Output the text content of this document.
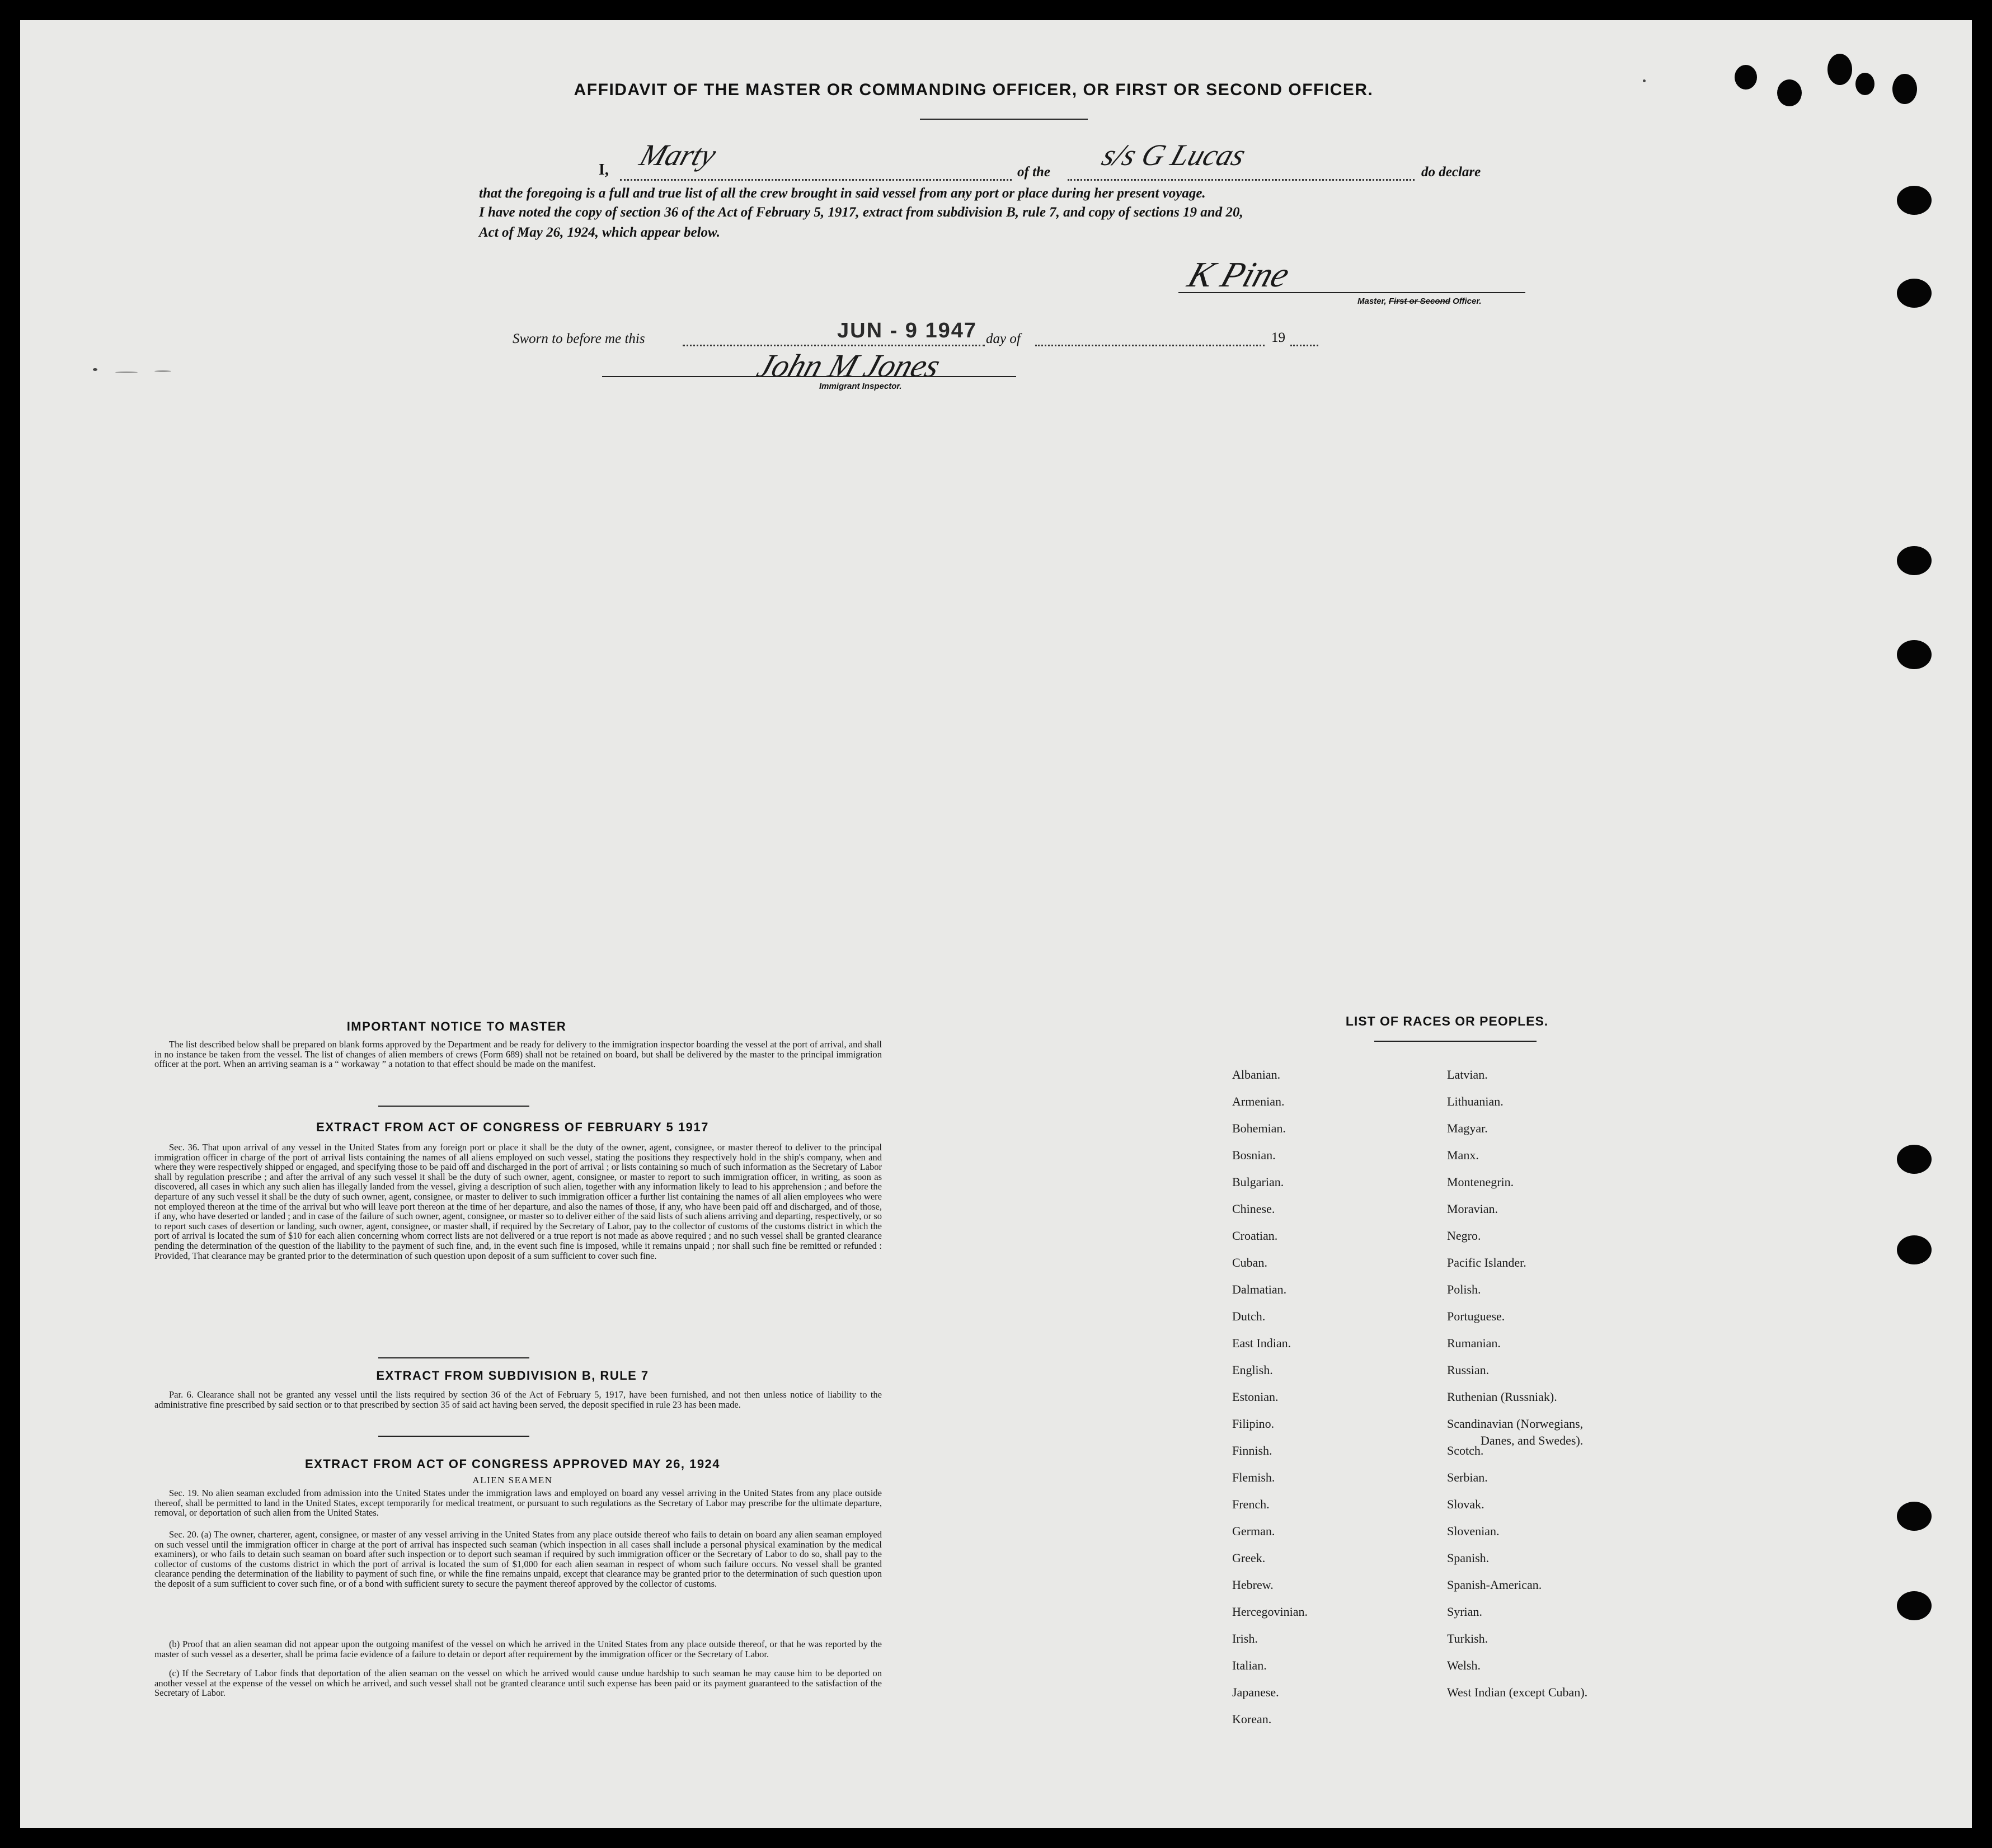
AFFIDAVIT OF THE MASTER OR COMMANDING OFFICER, OR FIRST OR SECOND OFFICER.
I, Marty
of the
s/s G Lucas
do declare
that the foregoing is a full and true list of all the crew brought in said vessel from any port or place during her present voyage.
I have noted the copy of section 36 of the Act of February 5, 1917, extract from subdivision B, rule 7, and copy of sections 19 and 20,
Act of May 26, 1924, which appear below.
K Pine
Master, First or Second Officer.
Sworn to before me this	JUN - 9 1947 day of	19
John M Jones
Immigrant Inspector.
IMPORTANT NOTICE TO MASTER
The list described below shall be prepared on blank forms approved by the Department and be ready for delivery to the immigration inspector boarding the vessel at the port of arrival, and shall in no instance be taken from the vessel. The list of changes of alien members of crews (Form 689) shall not be retained on board, but shall be delivered by the master to the principal immigration officer at the port. When an arriving seaman is a “ workaway ” a notation to that effect should be made on the manifest.
EXTRACT FROM ACT OF CONGRESS OF FEBRUARY 5 1917
Sec. 36. That upon arrival of any vessel in the United States from any foreign port or place it shall be the duty of the owner, agent, consignee, or master thereof to deliver to the principal immigration officer in charge of the port of arrival lists containing the names of all aliens employed on such vessel, stating the positions they respectively hold in the ship's company, when and where they were respectively shipped or engaged, and specifying those to be paid off and discharged in the port of arrival ; or lists containing so much of such information as the Secretary of Labor shall by regulation prescribe ; and after the arrival of any such vessel it shall be the duty of such owner, agent, consignee, or master to report to such immigration officer, in writing, as soon as discovered, all cases in which any such alien has illegally landed from the vessel, giving a description of such alien, together with any information likely to lead to his apprehension ; and before the departure of any such vessel it shall be the duty of such owner, agent, consignee, or master to deliver to such immigration officer a further list containing the names of all alien employees who were not employed thereon at the time of the arrival but who will leave port thereon at the time of her departure, and also the names of those, if any, who have been paid off and discharged, and of those, if any, who have deserted or landed ; and in case of the failure of such owner, agent, consignee, or master so to deliver either of the said lists of such aliens arriving and departing, respectively, or so to report such cases of desertion or landing, such owner, agent, consignee, or master shall, if required by the Secretary of Labor, pay to the collector of customs of the customs district in which the port of arrival is located the sum of $10 for each alien concerning whom correct lists are not delivered or a true report is not made as above required ; and no such vessel shall be granted clearance pending the determination of the question of the liability to the payment of such fine, and, in the event such fine is imposed, while it remains unpaid ; nor shall such fine be remitted or refunded : Provided, That clearance may be granted prior to the determination of such question upon deposit of a sum sufficient to cover such fine.
EXTRACT FROM SUBDIVISION B, RULE 7
Par. 6. Clearance shall not be granted any vessel until the lists required by section 36 of the Act of February 5, 1917, have been furnished, and not then unless notice of liability to the administrative fine prescribed by said section or to that prescribed by section 35 of said act having been served, the deposit specified in rule 23 has been made.
EXTRACT FROM ACT OF CONGRESS APPROVED MAY 26, 1924
ALIEN SEAMEN
Sec. 19. No alien seaman excluded from admission into the United States under the immigration laws and employed on board any vessel arriving in the United States from any place outside thereof, shall be permitted to land in the United States, except temporarily for medical treatment, or pursuant to such regulations as the Secretary of Labor may prescribe for the ultimate departure, removal, or deportation of such alien from the United States.
Sec. 20. (a) The owner, charterer, agent, consignee, or master of any vessel arriving in the United States from any place outside thereof who fails to detain on board any alien seaman employed on such vessel until the immigration officer in charge at the port of arrival has inspected such seaman (which inspection in all cases shall include a personal physical examination by the medical examiners), or who fails to detain such seaman on board after such inspection or to deport such seaman if required by such immigration officer or the Secretary of Labor to do so, shall pay to the collector of customs of the customs district in which the port of arrival is located the sum of $1,000 for each alien seaman in respect of whom such failure occurs. No vessel shall be granted clearance pending the determination of the liability to payment of such fine, or while the fine remains unpaid, except that clearance may be granted prior to the determination of such question upon the deposit of a sum sufficient to cover such fine, or of a bond with sufficient surety to secure the payment thereof approved by the collector of customs.
(b) Proof that an alien seaman did not appear upon the outgoing manifest of the vessel on which he arrived in the United States from any place outside thereof, or that he was reported by the master of such vessel as a deserter, shall be prima facie evidence of a failure to detain or deport after requirement by the immigration officer or the Secretary of Labor.
(c) If the Secretary of Labor finds that deportation of the alien seaman on the vessel on which he arrived would cause undue hardship to such seaman he may cause him to be deported on another vessel at the expense of the vessel on which he arrived, and such vessel shall not be granted clearance until such expense has been paid or its payment guaranteed to the satisfaction of the Secretary of Labor.
LIST OF RACES OR PEOPLES.
Albanian.
Armenian.
Bohemian.
Bosnian.
Bulgarian.
Chinese.
Croatian.
Cuban.
Dalmatian.
Dutch.
East Indian.
English.
Estonian.
Filipino.
Finnish.
Flemish.
French.
German.
Greek.
Hebrew.
Hercegovinian.
Irish.
Italian.
Japanese.
Korean.
Latvian.
Lithuanian.
Magyar.
Manx.
Montenegrin.
Moravian.
Negro.
Pacific Islander.
Polish.
Portuguese.
Rumanian.
Russian.
Ruthenian (Russniak).
Scandinavian (Norwegians,
Danes, and Swedes).
Scotch.
Serbian.
Slovak.
Slovenian.
Spanish.
Spanish-American.
Syrian.
Turkish.
Welsh.
West Indian (except Cuban).
